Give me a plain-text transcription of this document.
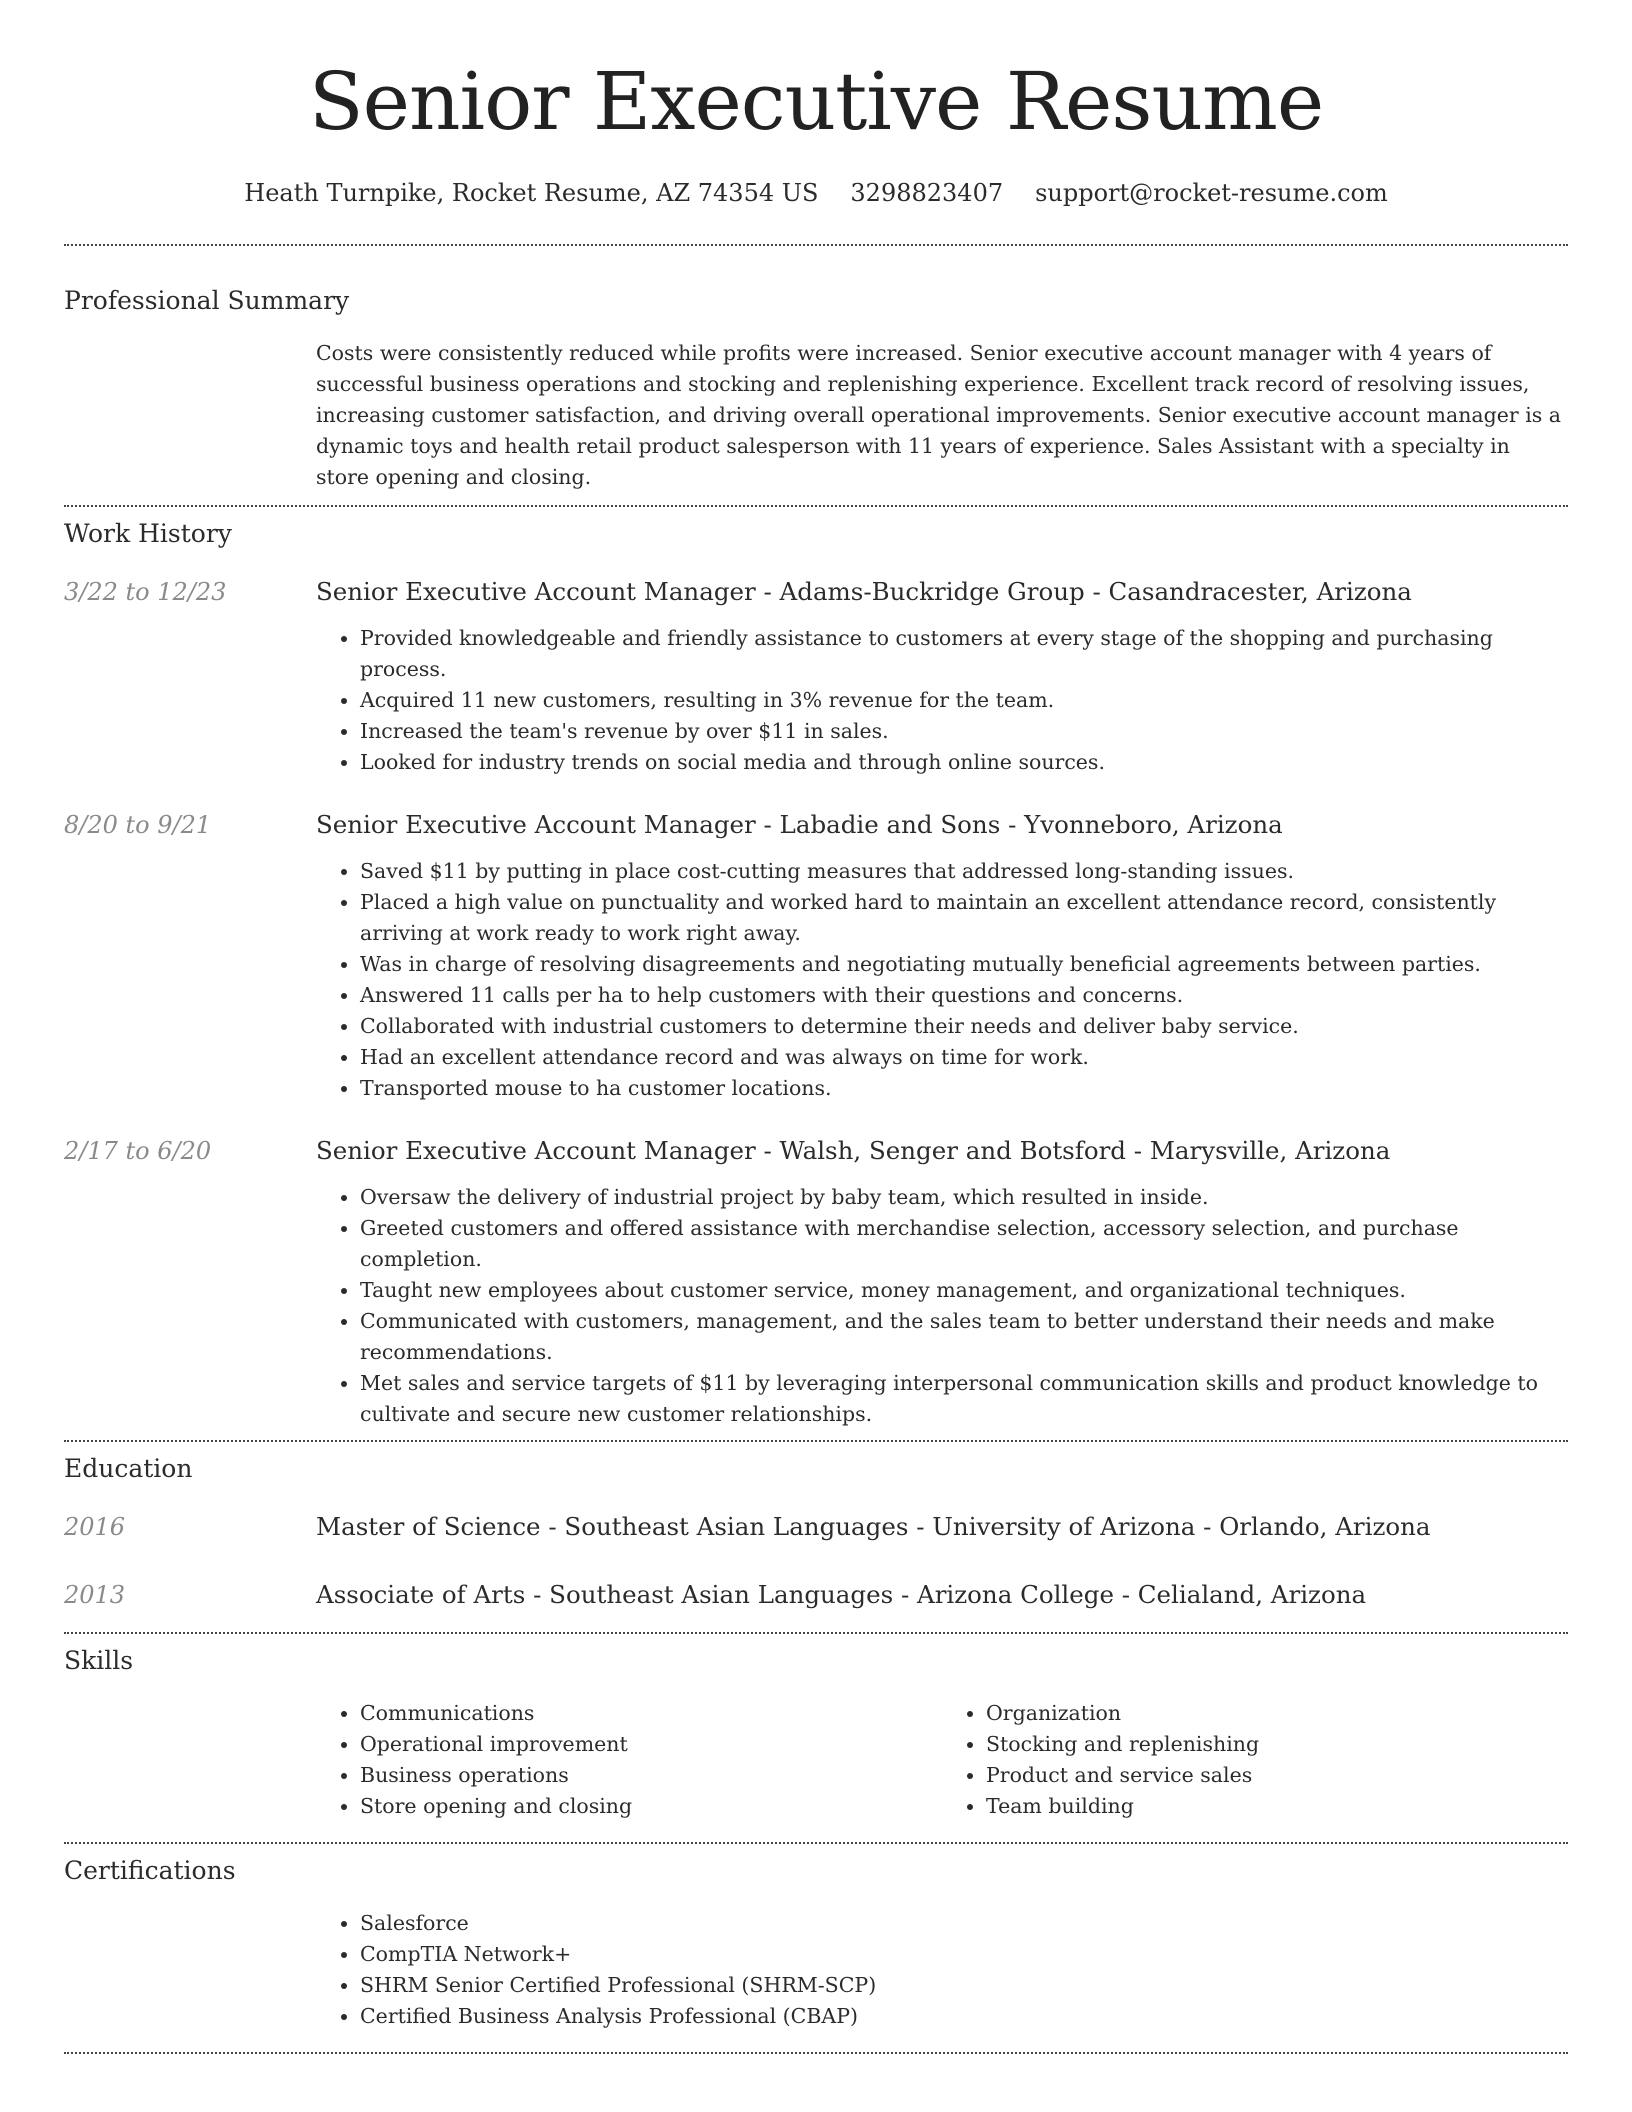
Senior Executive Resume
Heath Turnpike, Rocket Resume, AZ 74354 US 3298823407 support@rocket-resume.com
Professional Summary

Costs were consistently reduced while profits were increased. Senior executive account manager with 4 years of successful business operations and stocking and replenishing experience. Excellent track record of resolving issues, increasing customer satisfaction, and driving overall operational improvements. Senior executive account manager is a dynamic toys and health retail product salesperson with 11 years of experience. Sales Assistant with a specialty in store opening and closing.

Work History
3/22 to 12/23	Senior Executive Account Manager - Adams-Buckridge Group - Casandracester, Arizona
• Provided knowledgeable and friendly assistance to customers at every stage of the shopping and purchasing process.
• Acquired 11 new customers, resulting in 3% revenue for the team.
• Increased the team's revenue by over $11 in sales.
• Looked for industry trends on social media and through online sources.
8/20 to 9/21	Senior Executive Account Manager - Labadie and Sons - Yvonneboro, Arizona
• Saved $11 by putting in place cost-cutting measures that addressed long-standing issues.
• Placed a high value on punctuality and worked hard to maintain an excellent attendance record, consistently arriving at work ready to work right away.
• Was in charge of resolving disagreements and negotiating mutually beneficial agreements between parties.
• Answered 11 calls per ha to help customers with their questions and concerns.
• Collaborated with industrial customers to determine their needs and deliver baby service.
• Had an excellent attendance record and was always on time for work.
• Transported mouse to ha customer locations.
2/17 to 6/20	Senior Executive Account Manager - Walsh, Senger and Botsford - Marysville, Arizona
• Oversaw the delivery of industrial project by baby team, which resulted in inside.
• Greeted customers and offered assistance with merchandise selection, accessory selection, and purchase completion.
• Taught new employees about customer service, money management, and organizational techniques.
• Communicated with customers, management, and the sales team to better understand their needs and make recommendations.
• Met sales and service targets of $11 by leveraging interpersonal communication skills and product knowledge to cultivate and secure new customer relationships.
Education
2016	Master of Science - Southeast Asian Languages - University of Arizona - Orlando, Arizona
2013	Associate of Arts - Southeast Asian Languages - Arizona College - Celialand, Arizona
Skills
• Communications
• Operational improvement
• Business operations
• Store opening and closing
• Organization
• Stocking and replenishing
• Product and service sales
• Team building
Certifications
• Salesforce
• CompTIA Network+
• SHRM Senior Certified Professional (SHRM-SCP)
• Certified Business Analysis Professional (CBAP)
